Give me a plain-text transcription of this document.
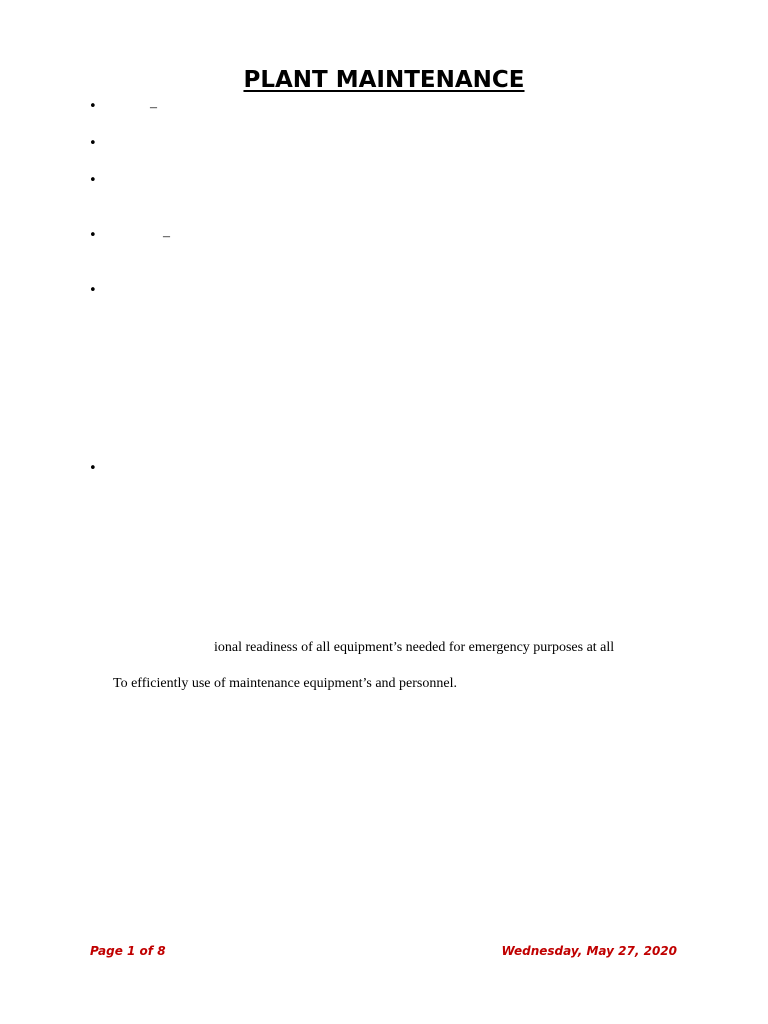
PLANT MAINTENANCE
•	–
•
•
•	–
•
•
ional readiness of all equipment’s needed for emergency purposes at all
To efficiently use of maintenance equipment’s and personnel.
Page 1 of 8	Wednesday, May 27, 2020
